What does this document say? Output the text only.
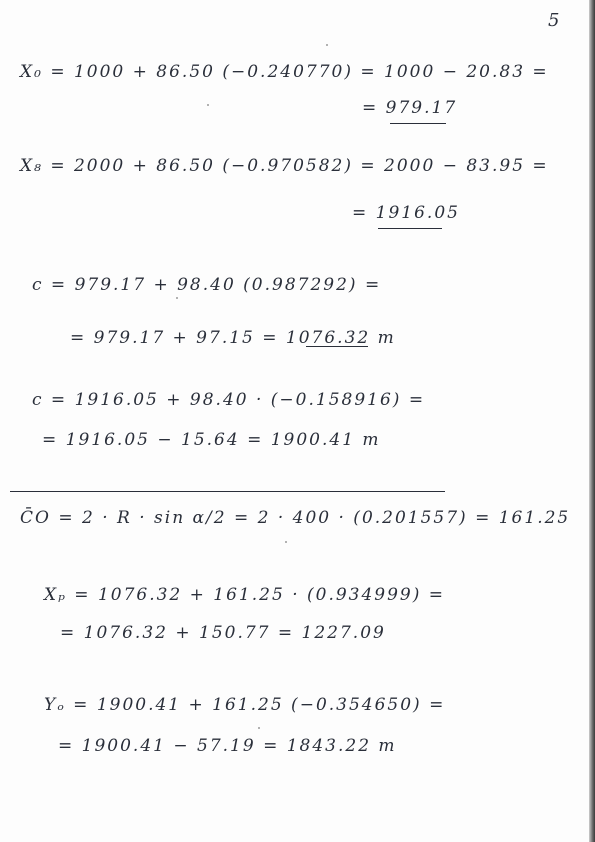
5
X₀ = 1000 + 86.50 (−0.240770) = 1000 − 20.83 =
= 979.17
X₈ = 2000 + 86.50 (−0.970582) = 2000 − 83.95 =
= 1916.05
c = 979.17 + 98.40 (0.987292) =
= 979.17 + 97.15 = 1076.32 m
c = 1916.05 + 98.40 · (−0.158916) =
= 1916.05 − 15.64 = 1900.41 m
C̄O = 2 · R · sin α/2 = 2 · 400 · (0.201557) = 161.25
Xₚ = 1076.32 + 161.25 · (0.934999) =
= 1076.32 + 150.77 = 1227.09
Yₒ = 1900.41 + 161.25 (−0.354650) =
= 1900.41 − 57.19 = 1843.22 m
